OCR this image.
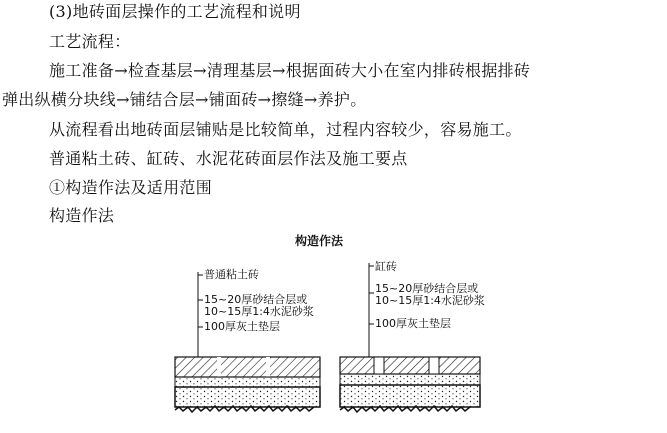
(3)地砖面层操作的工艺流程和说明
工艺流程：
施工准备→检查基层→清理基层→根据面砖大小在室内排砖根据排砖
弹出纵横分块线→铺结合层→铺面砖→擦缝→养护。
从流程看出地砖面层铺贴是比较简单，过程内容较少，容易施工。
普通粘土砖、缸砖、水泥花砖面层作法及施工要点
①构造作法及适用范围
构造作法
构造作法
普通粘土砖
15~20厚砂结合层或
10~15厚1:4水泥砂浆
100厚灰土垫层
缸砖
15~20厚砂结合层或
10~15厚1:4水泥砂浆
100厚灰土垫层
